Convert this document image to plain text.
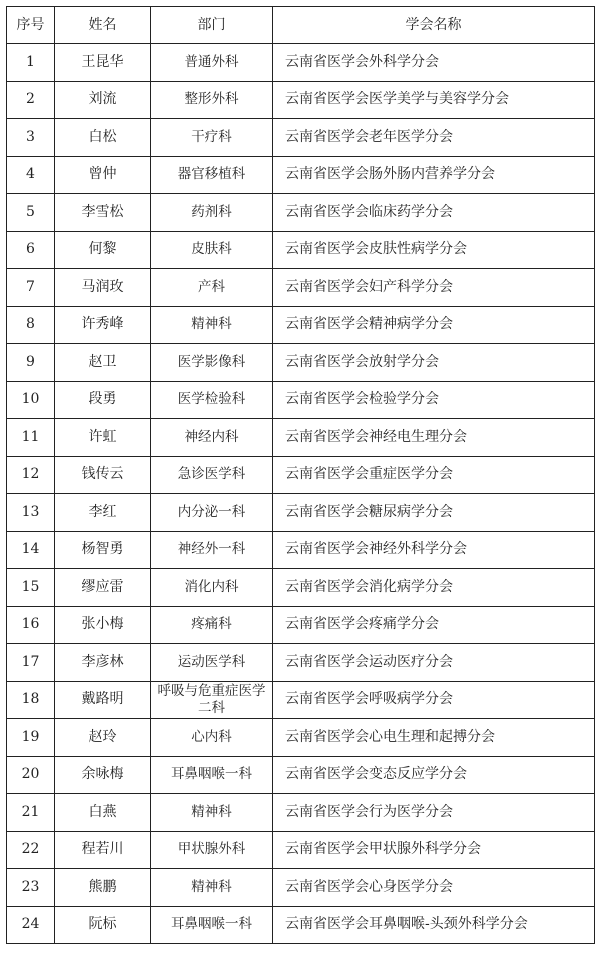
序号	姓名	部门	学会名称
1	王昆华	普通外科	云南省医学会外科学分会
2	刘流	整形外科	云南省医学会医学美学与美容学分会
3	白松	干疗科	云南省医学会老年医学分会
4	曾仲	器官移植科	云南省医学会肠外肠内营养学分会
5	李雪松	药剂科	云南省医学会临床药学分会
6	何黎	皮肤科	云南省医学会皮肤性病学分会
7	马润玫	产科	云南省医学会妇产科学分会
8	许秀峰	精神科	云南省医学会精神病学分会
9	赵卫	医学影像科	云南省医学会放射学分会
10	段勇	医学检验科	云南省医学会检验学分会
11	许虹	神经内科	云南省医学会神经电生理分会
12	钱传云	急诊医学科	云南省医学会重症医学分会
13	李红	内分泌一科	云南省医学会糖尿病学分会
14	杨智勇	神经外一科	云南省医学会神经外科学分会
15	缪应雷	消化内科	云南省医学会消化病学分会
16	张小梅	疼痛科	云南省医学会疼痛学分会
17	李彦林	运动医学科	云南省医学会运动医疗分会
18	戴路明	呼吸与危重症医学二科	云南省医学会呼吸病学分会
19	赵玲	心内科	云南省医学会心电生理和起搏分会
20	余咏梅	耳鼻咽喉一科	云南省医学会变态反应学分会
21	白燕	精神科	云南省医学会行为医学分会
22	程若川	甲状腺外科	云南省医学会甲状腺外科学分会
23	熊鹏	精神科	云南省医学会心身医学分会
24	阮标	耳鼻咽喉一科	云南省医学会耳鼻咽喉-头颈外科学分会
